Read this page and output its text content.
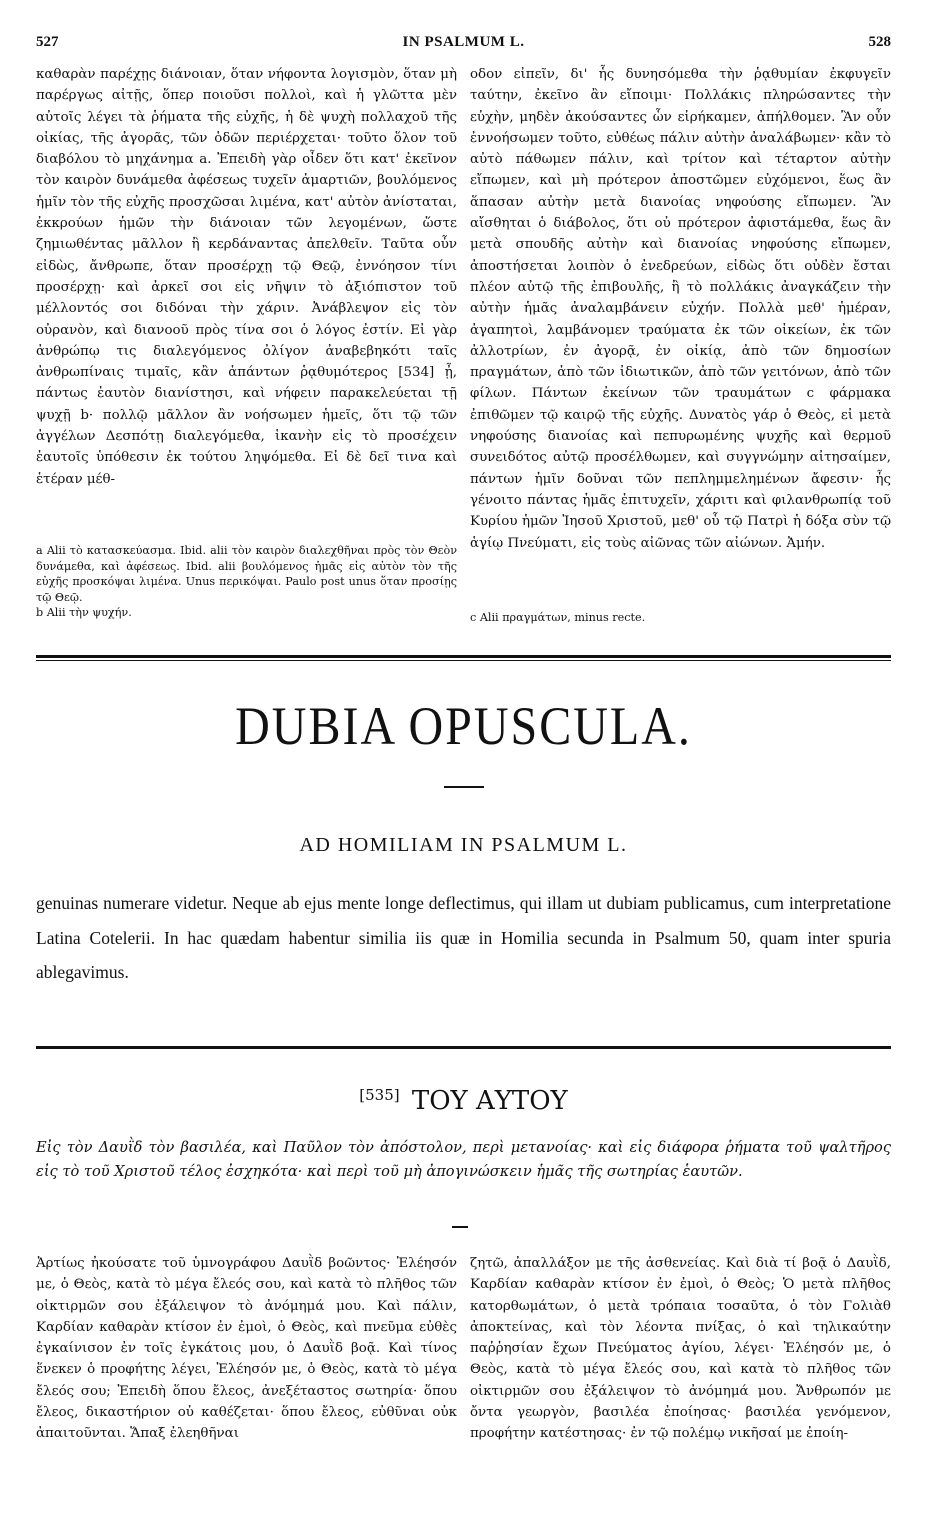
527	IN PSALMUM L.	528

καθαρὰν παρέχῃς διάνοιαν, ὅταν νήφοντα λογισμὸν, ὅταν μὴ παρέργως αἰτῇς, ὅπερ ποιοῦσι πολλοὶ, καὶ ἡ γλῶττα μὲν αὐτοῖς λέγει τὰ ῥήματα τῆς εὐχῆς, ἡ δὲ ψυχὴ πολλαχοῦ τῆς οἰκίας, τῆς ἀγορᾶς, τῶν ὁδῶν περιέρχεται· τοῦτο ὅλον τοῦ διαβόλου τὸ μηχάνημα a. Ἐπειδὴ γὰρ οἶδεν ὅτι κατ' ἐκεῖνον τὸν καιρὸν δυνάμεθα ἀφέσεως τυχεῖν ἁμαρτιῶν, βουλόμενος ἡμῖν τὸν τῆς εὐχῆς προσχῶσαι λιμένα, κατ' αὐτὸν ἀνίσταται, ἐκκρούων ἡμῶν τὴν διάνοιαν τῶν λεγομένων, ὥστε ζημιωθέντας μᾶλλον ἢ κερδάναντας ἀπελθεῖν. Ταῦτα οὖν εἰδὼς, ἄνθρωπε, ὅταν προσέρχῃ τῷ Θεῷ, ἐννόησον τίνι προσέρχῃ· καὶ ἀρκεῖ σοι εἰς νῆψιν τὸ ἀξιόπιστον τοῦ μέλλοντός σοι διδόναι τὴν χάριν. Ἀνάβλεψον εἰς τὸν οὐρανὸν, καὶ διανοοῦ πρὸς τίνα σοι ὁ λόγος ἐστίν. Εἰ γὰρ ἀνθρώπῳ τις διαλεγόμενος ὀλίγον ἀναβεβηκότι ταῖς ἀνθρωπίναις τιμαῖς, κἂν ἁπάντων ῥᾳθυμότερος [534] ᾖ, πάντως ἑαυτὸν διανίστησι, καὶ νήφειν παρακελεύεται τῇ ψυχῇ b· πολλῷ μᾶλλον ἂν νοήσωμεν ἡμεῖς, ὅτι τῷ τῶν ἀγγέλων Δεσπότῃ διαλεγόμεθα, ἱκανὴν εἰς τὸ προσέχειν ἑαυτοῖς ὑπόθεσιν ἐκ τούτου ληψόμεθα. Εἰ δὲ δεῖ τινα καὶ ἑτέραν μέθ-

οδον εἰπεῖν, δι' ἧς δυνησόμεθα τὴν ῥᾳθυμίαν ἐκφυγεῖν ταύτην, ἐκεῖνο ἂν εἴποιμι· Πολλάκις πληρώσαντες τὴν εὐχὴν, μηδὲν ἀκούσαντες ὧν εἰρήκαμεν, ἀπήλθομεν. Ἂν οὖν ἐννοήσωμεν τοῦτο, εὐθέως πάλιν αὐτὴν ἀναλάβωμεν· κἂν τὸ αὐτὸ πάθωμεν πάλιν, καὶ τρίτον καὶ τέταρτον αὐτὴν εἴπωμεν, καὶ μὴ πρότερον ἀποστῶμεν εὐχόμενοι, ἕως ἂν ἅπασαν αὐτὴν μετὰ διανοίας νηφούσης εἴπωμεν. Ἂν αἴσθηται ὁ διάβολος, ὅτι οὐ πρότερον ἀφιστάμεθα, ἕως ἂν μετὰ σπουδῆς αὐτὴν καὶ διανοίας νηφούσης εἴπωμεν, ἀποστήσεται λοιπὸν ὁ ἐνεδρεύων, εἰδὼς ὅτι οὐδὲν ἔσται πλέον αὐτῷ τῆς ἐπιβουλῆς, ἢ τὸ πολλάκις ἀναγκάζειν τὴν αὐτὴν ἡμᾶς ἀναλαμβάνειν εὐχήν. Πολλὰ μεθ' ἡμέραν, ἀγαπητοὶ, λαμβάνομεν τραύματα ἐκ τῶν οἰκείων, ἐκ τῶν ἀλλοτρίων, ἐν ἀγορᾷ, ἐν οἰκίᾳ, ἀπὸ τῶν δημοσίων πραγμάτων, ἀπὸ τῶν ἰδιωτικῶν, ἀπὸ τῶν γειτόνων, ἀπὸ τῶν φίλων. Πάντων ἐκείνων τῶν τραυμάτων c φάρμακα ἐπιθῶμεν τῷ καιρῷ τῆς εὐχῆς. Δυνατὸς γάρ ὁ Θεὸς, εἰ μετὰ νηφούσης διανοίας καὶ πεπυρωμένης ψυχῆς καὶ θερμοῦ συνειδότος αὐτῷ προσέλθωμεν, καὶ συγγνώμην αἰτησαίμεν, πάντων ἡμῖν δοῦναι τῶν πεπλημμελημένων ἄφεσιν· ἧς γένοιτο πάντας ἡμᾶς ἐπιτυχεῖν, χάριτι καὶ φιλανθρωπίᾳ τοῦ Κυρίου ἡμῶν Ἰησοῦ Χριστοῦ, μεθ' οὗ τῷ Πατρὶ ἡ δόξα σὺν τῷ ἁγίῳ Πνεύματι, εἰς τοὺς αἰῶνας τῶν αἰώνων. Ἀμήν.

a Alii τὸ κατασκεύασμα. Ibid. alii τὸν καιρὸν διαλεχθῆναι πρὸς τὸν Θεὸν δυνάμεθα, καὶ ἀφέσεως. Ibid. alii βουλόμενος ἡμᾶς εἰς αὐτὸν τὸν τῆς εὐχῆς προσκόψαι λιμένα. Unus περικόψαι. Paulo post unus ὅταν προσίῃς τῷ Θεῷ.

b Alii τὴν ψυχήν.	c Alii πραγμάτων, minus recte.

DUBIA OPUSCULA.
AD HOMILIAM IN PSALMUM L.

genuinas numerare videtur. Neque ab ejus mente longe deflectimus, qui illam ut dubiam publicamus, cum interpretatione Latina Cotelerii. In hac quædam habentur similia iis quæ in Homilia secunda in Psalmum 50, quam inter spuria ablegavimus.

[535] ΤΟΥ ΑΥΤΟΥ

Εἰς τὸν Δαυῒδ τὸν βασιλέα, καὶ Παῦλον τὸν ἀπόστολον, περὶ μετανοίας· καὶ εἰς διάφορα ῥήματα τοῦ ψαλτῆρος εἰς τὸ τοῦ Χριστοῦ τέλος ἐσχηκότα· καὶ περὶ τοῦ μὴ ἀπογινώσκειν ἡμᾶς τῆς σωτηρίας ἑαυτῶν.

Ἀρτίως ἠκούσατε τοῦ ὑμνογράφου Δαυῒδ βοῶντος· Ἐλέησόν με, ὁ Θεὸς, κατὰ τὸ μέγα ἔλεός σου, καὶ κατὰ τὸ πλῆθος τῶν οἰκτιρμῶν σου ἐξάλειψον τὸ ἀνόμημά μου. Καὶ πάλιν, Καρδίαν καθαρὰν κτίσον ἐν ἐμοὶ, ὁ Θεὸς, καὶ πνεῦμα εὐθὲς ἐγκαίνισον ἐν τοῖς ἐγκάτοις μου, ὁ Δαυῒδ βοᾷ. Καὶ τίνος ἕνεκεν ὁ προφήτης λέγει, Ἐλέησόν με, ὁ Θεὸς, κατὰ τὸ μέγα ἔλεός σου; Ἐπειδὴ ὅπου ἔλεος, ἀνεξέταστος σωτηρία· ὅπου ἔλεος, δικαστήριον οὐ καθέζεται· ὅπου ἔλεος, εὐθῦναι οὐκ ἀπαιτοῦνται. Ἅπαξ ἐλεηθῆναι

ζητῶ, ἀπαλλάξον με τῆς ἀσθενείας. Καὶ διὰ τί βοᾷ ὁ Δαυῒδ, Καρδίαν καθαρὰν κτίσον ἐν ἐμοὶ, ὁ Θεὸς; Ὁ μετὰ πλῆθος κατορθωμάτων, ὁ μετὰ τρόπαια τοσαῦτα, ὁ τὸν Γολιὰθ ἀποκτείνας, καὶ τὸν λέοντα πνίξας, ὁ καὶ τηλικαύτην παῤῥησίαν ἔχων Πνεύματος ἁγίου, λέγει· Ἐλέησόν με, ὁ Θεὸς, κατὰ τὸ μέγα ἔλεός σου, καὶ κατὰ τὸ πλῆθος τῶν οἰκτιρμῶν σου ἐξάλειψον τὸ ἀνόμημά μου. Ἄνθρωπόν με ὄντα γεωργὸν, βασιλέα ἐποίησας· βασιλέα γενόμενον, προφήτην κατέστησας· ἐν τῷ πολέμῳ νικῆσαί με ἐποίη-
